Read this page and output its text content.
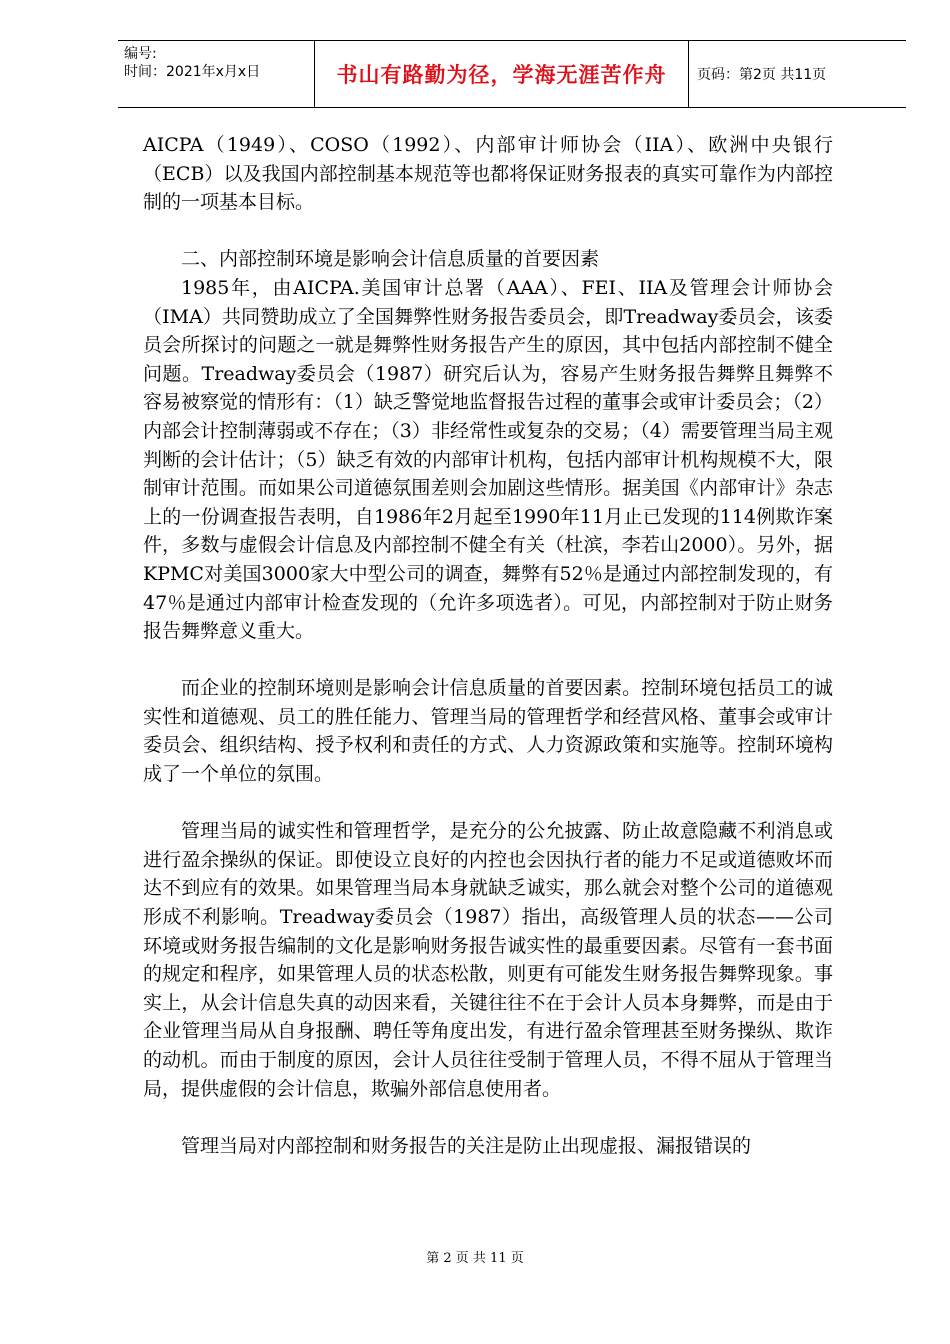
编号:
时间：2021年x月x日	书山有路勤为径，学海无涯苦作舟	页码：第2页 共11页

AICPA（1949）、COSO（1992）、内部审计师协会（IIA）、欧洲中央银行（ECB）以及我国内部控制基本规范等也都将保证财务报表的真实可靠作为内部控制的一项基本目标。

二、内部控制环境是影响会计信息质量的首要因素

1985年，由AICPA.美国审计总署（AAA）、FEI、IIA及管理会计师协会（IMA）共同赞助成立了全国舞弊性财务报告委员会，即Treadway委员会，该委员会所探讨的问题之一就是舞弊性财务报告产生的原因，其中包括内部控制不健全问题。Treadway委员会（1987）研究后认为，容易产生财务报告舞弊且舞弊不容易被察觉的情形有：（1）缺乏警觉地监督报告过程的董事会或审计委员会；（2）内部会计控制薄弱或不存在；（3）非经常性或复杂的交易；（4）需要管理当局主观判断的会计估计；（5）缺乏有效的内部审计机构，包括内部审计机构规模不大，限制审计范围。而如果公司道德氛围差则会加剧这些情形。据美国《内部审计》杂志上的一份调查报告表明，自1986年2月起至1990年11月止已发现的114例欺诈案件，多数与虚假会计信息及内部控制不健全有关（杜滨，李若山2000）。另外，据KPMC对美国3000家大中型公司的调查，舞弊有52％是通过内部控制发现的，有47％是通过内部审计检查发现的（允许多项选者）。可见，内部控制对于防止财务报告舞弊意义重大。

而企业的控制环境则是影响会计信息质量的首要因素。控制环境包括员工的诚实性和道德观、员工的胜任能力、管理当局的管理哲学和经营风格、董事会或审计委员会、组织结构、授予权利和责任的方式、人力资源政策和实施等。控制环境构成了一个单位的氛围。

管理当局的诚实性和管理哲学，是充分的公允披露、防止故意隐藏不利消息或进行盈余操纵的保证。即使设立良好的内控也会因执行者的能力不足或道德败坏而达不到应有的效果。如果管理当局本身就缺乏诚实，那么就会对整个公司的道德观形成不利影响。Treadway委员会（1987）指出，高级管理人员的状态——公司环境或财务报告编制的文化是影响财务报告诚实性的最重要因素。尽管有一套书面的规定和程序，如果管理人员的状态松散，则更有可能发生财务报告舞弊现象。事实上，从会计信息失真的动因来看，关键往往不在于会计人员本身舞弊，而是由于企业管理当局从自身报酬、聘任等角度出发，有进行盈余管理甚至财务操纵、欺诈的动机。而由于制度的原因，会计人员往往受制于管理人员，不得不屈从于管理当局，提供虚假的会计信息，欺骗外部信息使用者。

管理当局对内部控制和财务报告的关注是防止出现虚报、漏报错误的

第 2 页 共 11 页
